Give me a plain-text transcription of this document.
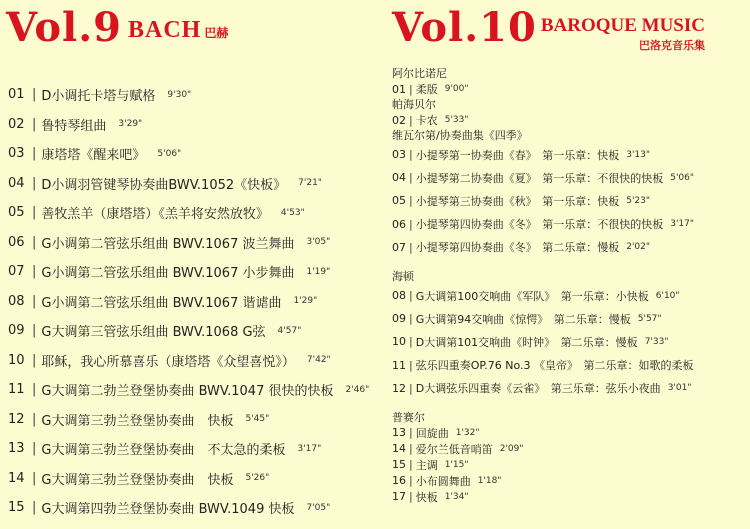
Vol.9 BACH 巴赫
01 | D小调托卡塔与赋格 9'30"
02 | 鲁特琴组曲 3'29"
03 | 康塔塔《醒来吧》 5'06"
04 | D小调羽管键琴协奏曲BWV.1052《快板》 7'21"
05 | 善牧羔羊（康塔塔）《羔羊将安然放牧》 4'53"
06 | G小调第二管弦乐组曲 BWV.1067 波兰舞曲 3'05"
07 | G小调第二管弦乐组曲 BWV.1067 小步舞曲 1'19"
08 | G小调第二管弦乐组曲 BWV.1067 谐谑曲 1'29"
09 | G大调第三管弦乐组曲 BWV.1068 G弦 4'57"
10 | 耶稣，我心所慕喜乐（康塔塔《众望喜悦》） 7'42"
11 | G大调第二勃兰登堡协奏曲 BWV.1047 很快的快板 2'46"
12 | G大调第三勃兰登堡协奏曲　快板 5'45"
13 | G大调第三勃兰登堡协奏曲　不太急的柔板 3'17"
14 | G大调第三勃兰登堡协奏曲　快板 5'26"
15 | G大调第四勃兰登堡协奏曲 BWV.1049 快板 7'05"
Vol.10 BAROQUE MUSIC
巴洛克音乐集
阿尔比诺尼
01 | 柔版 9'00"
帕海贝尔
02 | 卡农 5'33"
维瓦尔第/协奏曲集《四季》
03 | 小提琴第一协奏曲《春》　第一乐章：快板 3'13"
04 | 小提琴第二协奏曲《夏》　第一乐章：不很快的快板 5'06"
05 | 小提琴第三协奏曲《秋》　第一乐章：快板 5'23"
06 | 小提琴第四协奏曲《冬》　第一乐章：不很快的快板 3'17"
07 | 小提琴第四协奏曲《冬》　第二乐章：慢板 2'02"
海顿
08 | G大调第100交响曲《军队》　第一乐章：小快板 6'10"
09 | G大调第94交响曲《惊愕》　第二乐章：慢板 5'57"
10 | D大调第101交响曲《时钟》　第二乐章：慢板 7'33"
11 | 弦乐四重奏OP.76 No.3 《皇帝》　第二乐章：如歌的柔板
12 | D大调弦乐四重奏《云雀》　第三乐章：弦乐小夜曲 3'01"
普赛尔
13 | 回旋曲 1'32"
14 | 爱尔兰低音哨笛 2'09"
15 | 主调 1'15"
16 | 小布圆舞曲 1'18"
17 | 快板 1'34"
